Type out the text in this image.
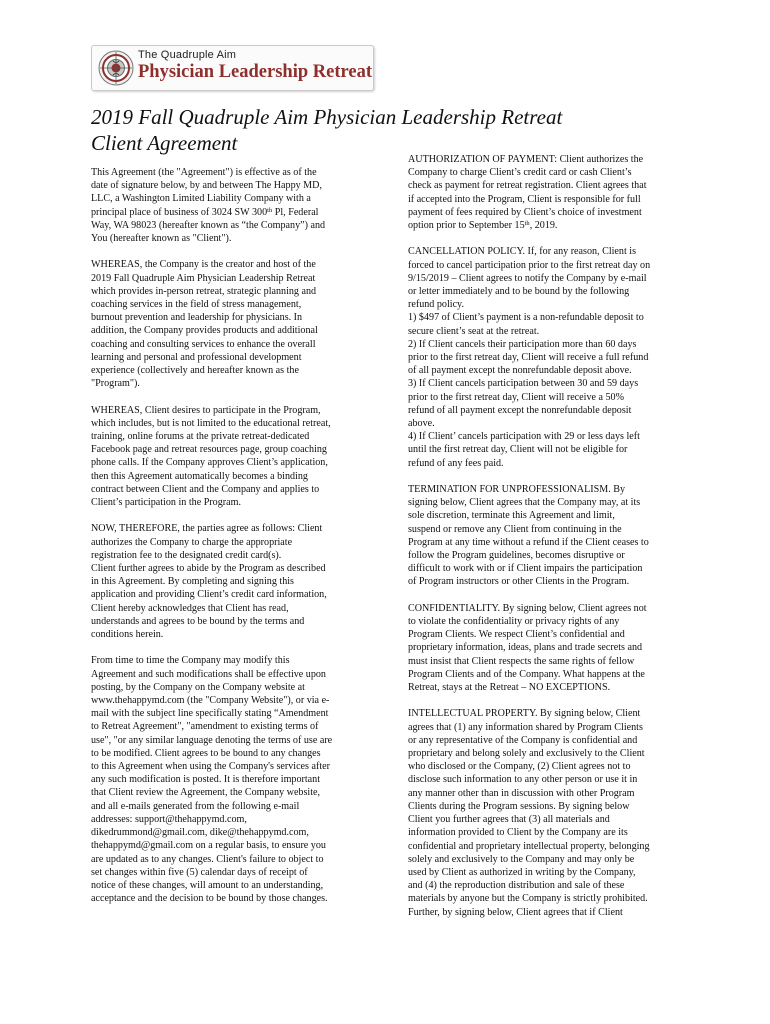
The Quadruple Aim
Physician Leadership Retreat
2019 Fall Quadruple Aim Physician Leadership Retreat
Client Agreement

This Agreement (the "Agreement") is effective as of the
date of signature below, by and between The Happy MD,
LLC, a Washington Limited Liability Company with a
principal place of business of 3024 SW 300th Pl, Federal
Way, WA 98023 (hereafter known as “the Company”) and
You (hereafter known as "Client").

WHEREAS, the Company is the creator and host of the
2019 Fall Quadruple Aim Physician Leadership Retreat
which provides in-person retreat, strategic planning and
coaching services in the field of stress management,
burnout prevention and leadership for physicians. In
addition, the Company provides products and additional
coaching and consulting services to enhance the overall
learning and personal and professional development
experience (collectively and hereafter known as the
"Program").

WHEREAS, Client desires to participate in the Program,
which includes, but is not limited to the educational retreat,
training, online forums at the private retreat-dedicated
Facebook page and retreat resources page, group coaching
phone calls. If the Company approves Client’s application,
then this Agreement automatically becomes a binding
contract between Client and the Company and applies to
Client’s participation in the Program.

NOW, THEREFORE, the parties agree as follows: Client
authorizes the Company to charge the appropriate
registration fee to the designated credit card(s).
Client further agrees to abide by the Program as described
in this Agreement. By completing and signing this
application and providing Client’s credit card information,
Client hereby acknowledges that Client has read,
understands and agrees to be bound by the terms and
conditions herein.

From time to time the Company may modify this
Agreement and such modifications shall be effective upon
posting, by the Company on the Company website at
www.thehappymd.com (the "Company Website"), or via e-
mail with the subject line specifically stating “Amendment
to Retreat Agreement", "amendment to existing terms of
use", "or any similar language denoting the terms of use are
to be modified. Client agrees to be bound to any changes
to this Agreement when using the Company's services after
any such modification is posted. It is therefore important
that Client review the Agreement, the Company website,
and all e-mails generated from the following e-mail
addresses: support@thehappymd.com,
dikedrummond@gmail.com, dike@thehappymd.com,
thehappymd@gmail.com on a regular basis, to ensure you
are updated as to any changes. Client's failure to object to
set changes within five (5) calendar days of receipt of
notice of these changes, will amount to an understanding,
acceptance and the decision to be bound by those changes.

AUTHORIZATION OF PAYMENT: Client authorizes the
Company to charge Client’s credit card or cash Client’s
check as payment for retreat registration. Client agrees that
if accepted into the Program, Client is responsible for full
payment of fees required by Client’s choice of investment
option prior to September 15th, 2019.

CANCELLATION POLICY. If, for any reason, Client is
forced to cancel participation prior to the first retreat day on
9/15/2019 – Client agrees to notify the Company by e-mail
or letter immediately and to be bound by the following
refund policy.
1) $497 of Client’s payment is a non-refundable deposit to
secure client’s seat at the retreat.
2) If Client cancels their participation more than 60 days
prior to the first retreat day, Client will receive a full refund
of all payment except the nonrefundable deposit above.
3) If Client cancels participation between 30 and 59 days
prior to the first retreat day, Client will receive a 50%
refund of all payment except the nonrefundable deposit
above.
4) If Client’ cancels participation with 29 or less days left
until the first retreat day, Client will not be eligible for
refund of any fees paid.

TERMINATION FOR UNPROFESSIONALISM. By
signing below, Client agrees that the Company may, at its
sole discretion, terminate this Agreement and limit,
suspend or remove any Client from continuing in the
Program at any time without a refund if the Client ceases to
follow the Program guidelines, becomes disruptive or
difficult to work with or if Client impairs the participation
of Program instructors or other Clients in the Program.

CONFIDENTIALITY. By signing below, Client agrees not
to violate the confidentiality or privacy rights of any
Program Clients. We respect Client’s confidential and
proprietary information, ideas, plans and trade secrets and
must insist that Client respects the same rights of fellow
Program Clients and of the Company. What happens at the
Retreat, stays at the Retreat – NO EXCEPTIONS.

INTELLECTUAL PROPERTY. By signing below, Client
agrees that (1) any information shared by Program Clients
or any representative of the Company is confidential and
proprietary and belong solely and exclusively to the Client
who disclosed or the Company, (2) Client agrees not to
disclose such information to any other person or use it in
any manner other than in discussion with other Program
Clients during the Program sessions. By signing below
Client you further agrees that (3) all materials and
information provided to Client by the Company are its
confidential and proprietary intellectual property, belonging
solely and exclusively to the Company and may only be
used by Client as authorized in writing by the Company,
and (4) the reproduction distribution and sale of these
materials by anyone but the Company is strictly prohibited.
Further, by signing below, Client agrees that if Client
